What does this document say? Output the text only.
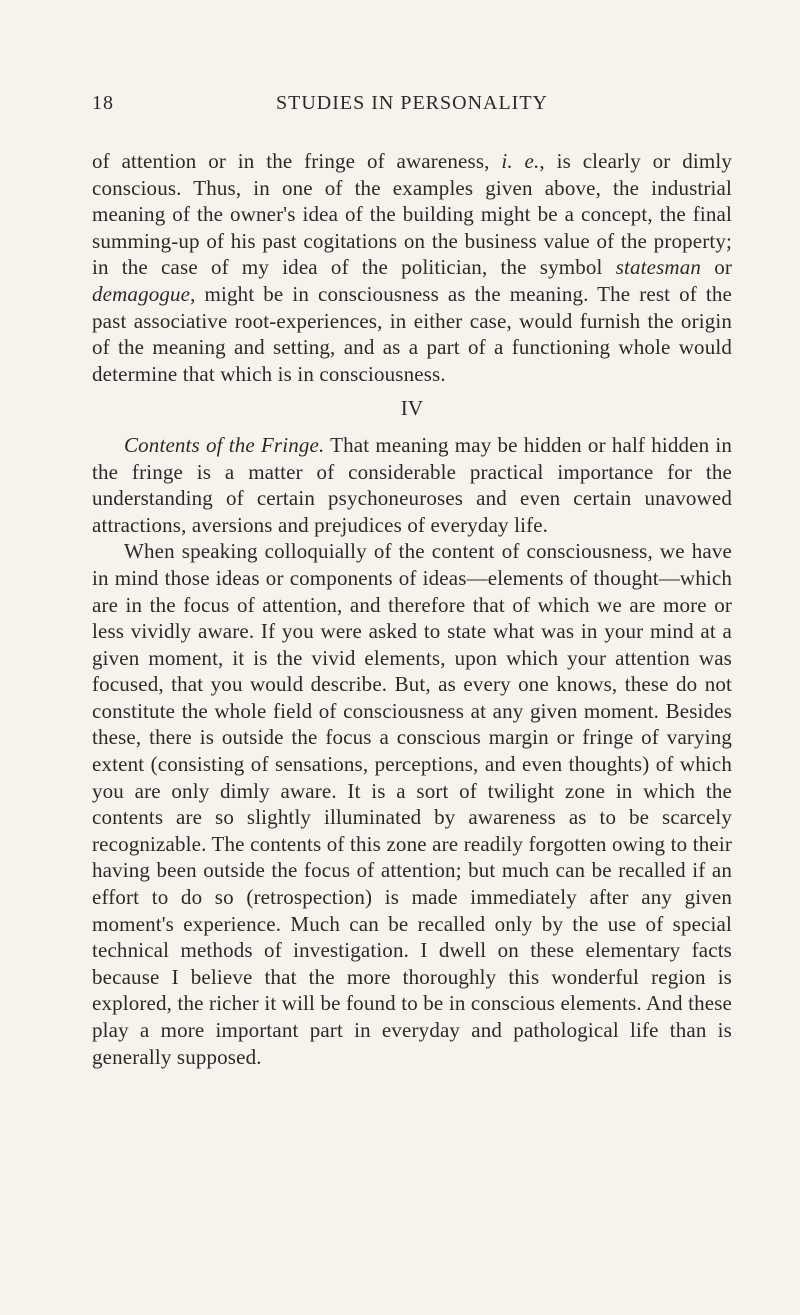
18	STUDIES IN PERSONALITY

of attention or in the fringe of awareness, i. e., is clearly or dimly conscious. Thus, in one of the examples given above, the industrial meaning of the owner's idea of the building might be a concept, the final summing-up of his past cogitations on the business value of the property; in the case of my idea of the politician, the symbol statesman or demagogue, might be in consciousness as the meaning. The rest of the past associative root-experiences, in either case, would furnish the origin of the meaning and setting, and as a part of a functioning whole would determine that which is in consciousness.

IV

Contents of the Fringe. That meaning may be hidden or half hidden in the fringe is a matter of considerable practical importance for the understanding of certain psychoneuroses and even certain unavowed attractions, aversions and prejudices of everyday life.

When speaking colloquially of the content of consciousness, we have in mind those ideas or components of ideas—elements of thought—which are in the focus of attention, and therefore that of which we are more or less vividly aware. If you were asked to state what was in your mind at a given moment, it is the vivid elements, upon which your attention was focused, that you would describe. But, as every one knows, these do not constitute the whole field of consciousness at any given moment. Besides these, there is outside the focus a conscious margin or fringe of varying extent (consisting of sensations, perceptions, and even thoughts) of which you are only dimly aware. It is a sort of twilight zone in which the contents are so slightly illuminated by awareness as to be scarcely recognizable. The contents of this zone are readily forgotten owing to their having been outside the focus of attention; but much can be recalled if an effort to do so (retrospection) is made immediately after any given moment's experience. Much can be recalled only by the use of special technical methods of investigation. I dwell on these elementary facts because I believe that the more thoroughly this wonderful region is explored, the richer it will be found to be in conscious elements. And these play a more important part in everyday and pathological life than is generally supposed.
